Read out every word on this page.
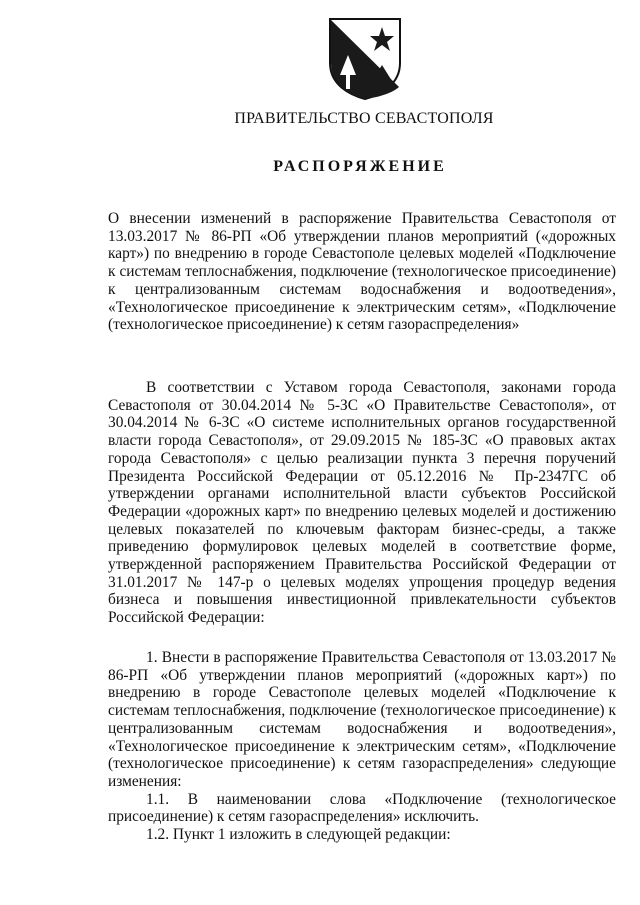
ПРАВИТЕЛЬСТВО СЕВАСТОПОЛЯ
РАСПОРЯЖЕНИЕ
О внесении изменений в распоряжение Правительства Севастополя от 13.03.2017 № 86-РП «Об утверждении планов мероприятий («дорожных карт») по внедрению в городе Севастополе целевых моделей «Подключение к системам теплоснабжения, подключение (технологическое присоединение) к централизованным системам водоснабжения и водоотведения», «Технологическое присоединение к электрическим сетям», «Подключение (технологическое присоединение) к сетям газораспределения»
В соответствии с Уставом города Севастополя, законами города Севастополя от 30.04.2014 № 5-ЗС «О Правительстве Севастополя», от 30.04.2014 № 6-ЗС «О системе исполнительных органов государственной власти города Севастополя», от 29.09.2015 № 185-ЗС «О правовых актах города Севастополя» с целью реализации пункта 3 перечня поручений Президента Российской Федерации от 05.12.2016 № Пр-2347ГС об утверждении органами исполнительной власти субъектов Российской Федерации «дорожных карт» по внедрению целевых моделей и достижению целевых показателей по ключевым факторам бизнес-среды, а также приведению формулировок целевых моделей в соответствие форме, утвержденной распоряжением Правительства Российской Федерации от 31.01.2017 № 147-р о целевых моделях упрощения процедур ведения бизнеса и повышения инвестиционной привлекательности субъектов Российской Федерации:

1. Внести в распоряжение Правительства Севастополя от 13.03.2017 № 86-РП «Об утверждении планов мероприятий («дорожных карт») по внедрению в городе Севастополе целевых моделей «Подключение к системам теплоснабжения, подключение (технологическое присоединение) к централизованным системам водоснабжения и водоотведения», «Технологическое присоединение к электрическим сетям», «Подключение (технологическое присоединение) к сетям газораспределения» следующие изменения:

1.1. В наименовании слова «Подключение (технологическое присоединение) к сетям газораспределения» исключить.

1.2. Пункт 1 изложить в следующей редакции:
